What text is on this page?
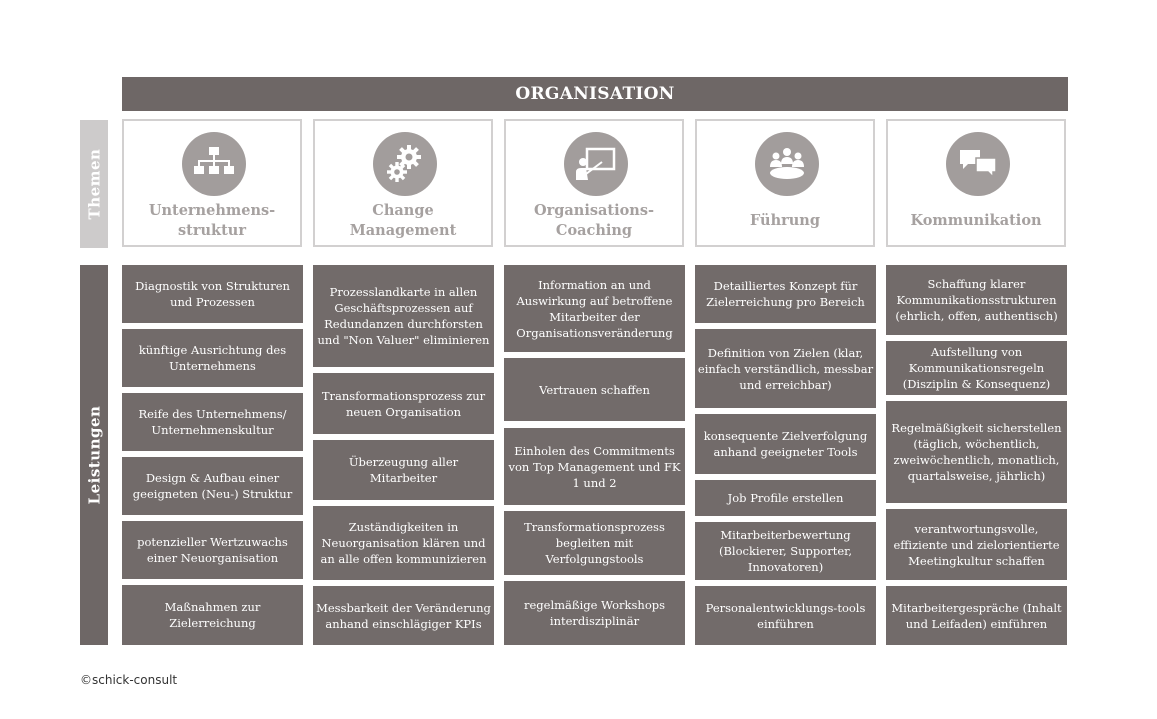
ORGANISATION
Themen
Leistungen
Unternehmens-
struktur
Change
Management
Organisations-
Coaching
Führung	Kommunikation
Diagnostik von Strukturen und Prozessen
künftige Ausrichtung des Unternehmens
Reife des Unternehmens/ Unternehmenskultur
Design & Aufbau einer geeigneten (Neu-) Struktur
potenzieller Wertzuwachs einer Neuorganisation
Maßnahmen zur Zielerreichung
Prozesslandkarte in allen Geschäftsprozessen auf Redundanzen durchforsten und "Non Valuer" eliminieren
Transformationsprozess zur neuen Organisation
Überzeugung aller Mitarbeiter
Zuständigkeiten in Neuorganisation klären und an alle offen kommunizieren
Messbarkeit der Veränderung anhand einschlägiger KPIs
Information an und Auswirkung auf betroffene Mitarbeiter der Organisationsveränderung
Vertrauen schaffen
Einholen des Commitments von Top Management und FK 1 und 2
Transformationsprozess begleiten mit Verfolgungstools
regelmäßige Workshops interdisziplinär
Detailliertes Konzept für Zielerreichung pro Bereich
Definition von Zielen (klar, einfach verständlich, messbar und erreichbar)
konsequente Zielverfolgung anhand geeigneter Tools
Job Profile erstellen
Mitarbeiterbewertung (Blockierer, Supporter, Innovatoren)
Personalentwicklungs-tools einführen
Schaffung klarer Kommunikationsstrukturen (ehrlich, offen, authentisch)
Aufstellung von Kommunikationsregeln (Disziplin & Konsequenz)
Regelmäßigkeit sicherstellen (täglich, wöchentlich, zweiwöchentlich, monatlich, quartalsweise, jährlich)
verantwortungsvolle, effiziente und zielorientierte Meetingkultur schaffen
Mitarbeitergespräche (Inhalt und Leifaden) einführen
©schick-consult
